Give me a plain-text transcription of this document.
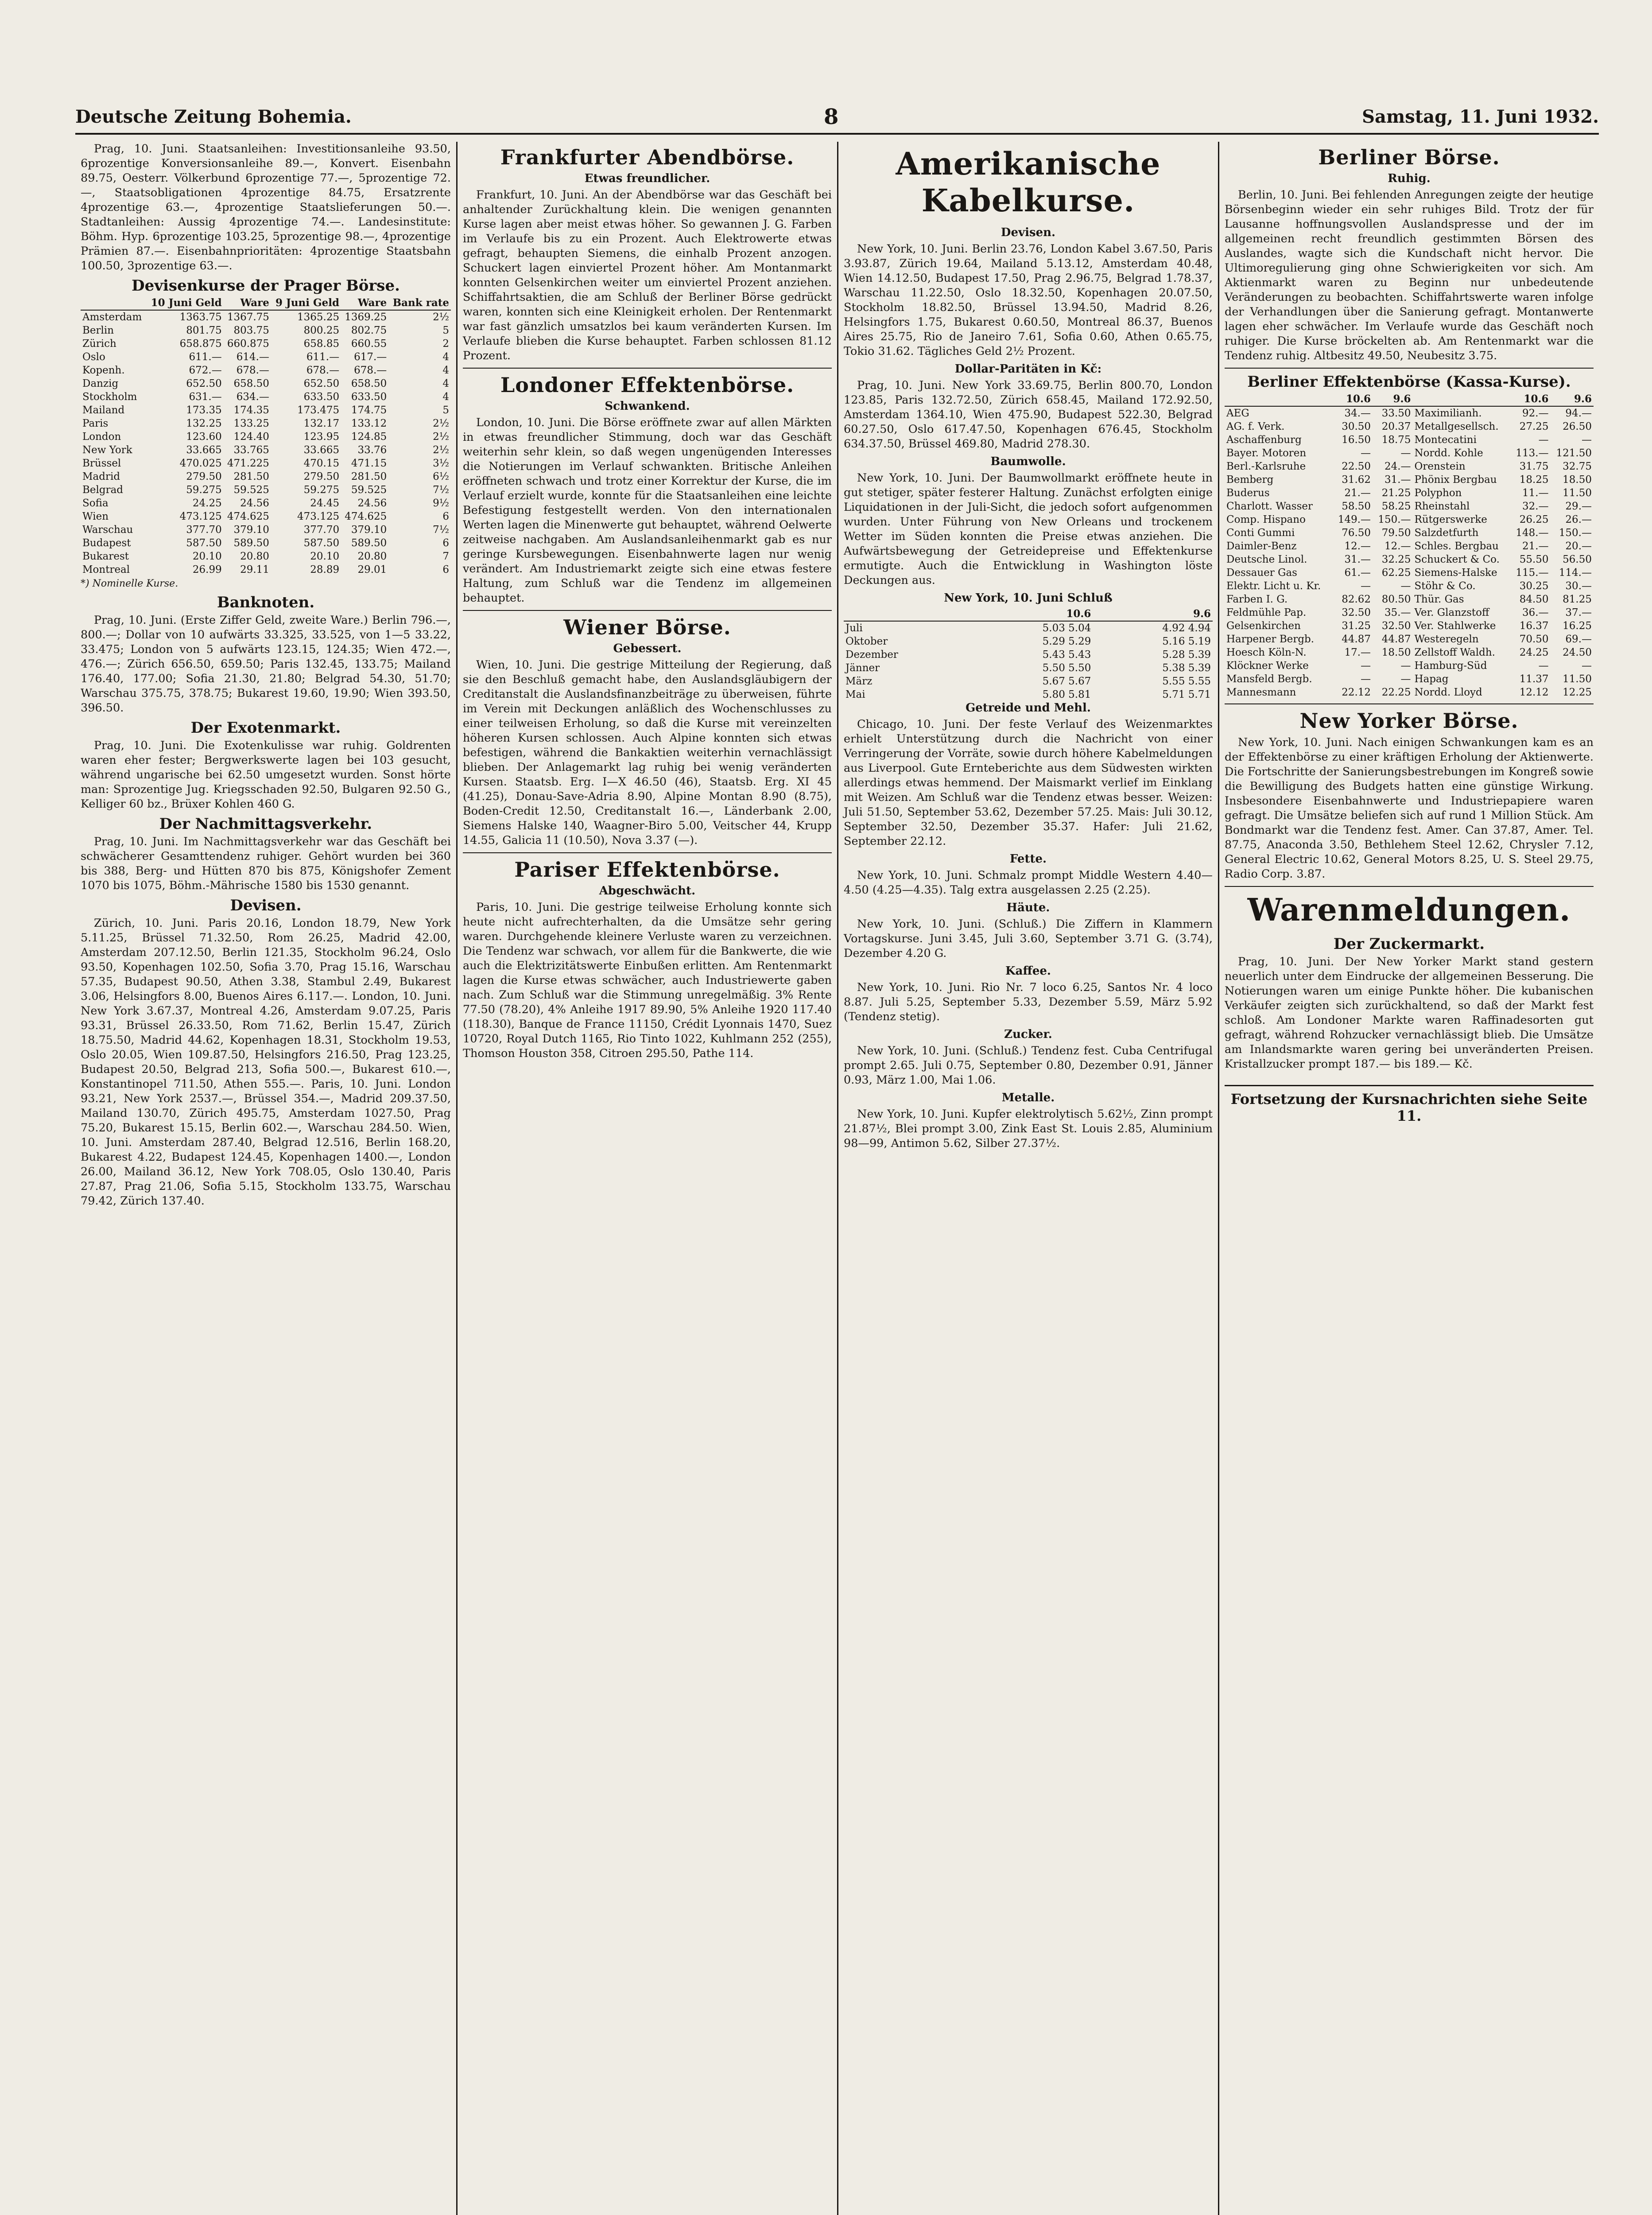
Deutsche Zeitung Bohemia.	8	Samstag, 11. Juni 1932.

Prag, 10. Juni. Staatsanleihen: Investitionsanleihe 93.50, 6prozentige Konversionsanleihe 89.—, Konvert. Eisenbahn 89.75, Oesterr. Völkerbund 6prozentige 77.—, 5prozentige 72.—, Staatsobligationen 4prozentige 84.75, Ersatzrente 4prozentige 63.—, 4prozentige Staatslieferungen 50.—. Stadtanleihen: Aussig 4prozentige 74.—. Landesinstitute: Böhm. Hyp. 6prozentige 103.25, 5prozentige 98.—, 4prozentige Prämien 87.—. Eisenbahnprioritäten: 4prozentige Staatsbahn 100.50, 3prozentige 63.—.

Devisenkurse der Prager Börse.
	10 Juni Geld	Ware	9 Juni Geld	Ware	Bank rate
Amsterdam	1363.75	1367.75	1365.25	1369.25	2½
Berlin	801.75	803.75	800.25	802.75	5
Zürich	658.875	660.875	658.85	660.55	2
Oslo	611.—	614.—	611.—	617.—	4
Kopenh.	672.—	678.—	678.—	678.—	4
Danzig	652.50	658.50	652.50	658.50	4
Stockholm	631.—	634.—	633.50	633.50	4
Mailand	173.35	174.35	173.475	174.75	5
Paris	132.25	133.25	132.17	133.12	2½
London	123.60	124.40	123.95	124.85	2½
New York	33.665	33.765	33.665	33.76	2½
Brüssel	470.025	471.225	470.15	471.15	3½
Madrid	279.50	281.50	279.50	281.50	6½
Belgrad	59.275	59.525	59.275	59.525	7½
Sofia	24.25	24.56	24.45	24.56	9½
Wien	473.125	474.625	473.125	474.625	6
Warschau	377.70	379.10	377.70	379.10	7½
Budapest	587.50	589.50	587.50	589.50	6
Bukarest	20.10	20.80	20.10	20.80	7
Montreal	26.99	29.11	28.89	29.01	6
*) Nominelle Kurse.
Banknoten.

Prag, 10. Juni. (Erste Ziffer Geld, zweite Ware.) Berlin 796.—, 800.—; Dollar von 10 aufwärts 33.325, 33.525, von 1—5 33.22, 33.475; London von 5 aufwärts 123.15, 124.35; Wien 472.—, 476.—; Zürich 656.50, 659.50; Paris 132.45, 133.75; Mailand 176.40, 177.00; Sofia 21.30, 21.80; Belgrad 54.30, 51.70; Warschau 375.75, 378.75; Bukarest 19.60, 19.90; Wien 393.50, 396.50.

Der Exotenmarkt.

Prag, 10. Juni. Die Exotenkulisse war ruhig. Goldrenten waren eher fester; Bergwerkswerte lagen bei 103 gesucht, während ungarische bei 62.50 umgesetzt wurden. Sonst hörte man: Sprozentige Jug. Kriegsschaden 92.50, Bulgaren 92.50 G., Kelliger 60 bz., Brüxer Kohlen 460 G.

Der Nachmittagsverkehr.

Prag, 10. Juni. Im Nachmittagsverkehr war das Geschäft bei schwächerer Gesamttendenz ruhiger. Gehört wurden bei 360 bis 388, Berg- und Hütten 870 bis 875, Königshofer Zement 1070 bis 1075, Böhm.-Mährische 1580 bis 1530 genannt.

Devisen.

Zürich, 10. Juni. Paris 20.16, London 18.79, New York 5.11.25, Brüssel 71.32.50, Rom 26.25, Madrid 42.00, Amsterdam 207.12.50, Berlin 121.35, Stockholm 96.24, Oslo 93.50, Kopenhagen 102.50, Sofia 3.70, Prag 15.16, Warschau 57.35, Budapest 90.50, Athen 3.38, Stambul 2.49, Bukarest 3.06, Helsingfors 8.00, Buenos Aires 6.117.—. London, 10. Juni. New York 3.67.37, Montreal 4.26, Amsterdam 9.07.25, Paris 93.31, Brüssel 26.33.50, Rom 71.62, Berlin 15.47, Zürich 18.75.50, Madrid 44.62, Kopenhagen 18.31, Stockholm 19.53, Oslo 20.05, Wien 109.87.50, Helsingfors 216.50, Prag 123.25, Budapest 20.50, Belgrad 213, Sofia 500.—, Bukarest 610.—, Konstantinopel 711.50, Athen 555.—. Paris, 10. Juni. London 93.21, New York 2537.—, Brüssel 354.—, Madrid 209.37.50, Mailand 130.70, Zürich 495.75, Amsterdam 1027.50, Prag 75.20, Bukarest 15.15, Berlin 602.—, Warschau 284.50. Wien, 10. Juni. Amsterdam 287.40, Belgrad 12.516, Berlin 168.20, Bukarest 4.22, Budapest 124.45, Kopenhagen 1400.—, London 26.00, Mailand 36.12, New York 708.05, Oslo 130.40, Paris 27.87, Prag 21.06, Sofia 5.15, Stockholm 133.75, Warschau 79.42, Zürich 137.40.

Frankfurter Abendbörse.
Etwas freundlicher.

Frankfurt, 10. Juni. An der Abendbörse war das Geschäft bei anhaltender Zurückhaltung klein. Die wenigen genannten Kurse lagen aber meist etwas höher. So gewannen J. G. Farben im Verlaufe bis zu ein Prozent. Auch Elektrowerte etwas gefragt, behaupten Siemens, die einhalb Prozent anzogen. Schuckert lagen einviertel Prozent höher. Am Montanmarkt konnten Gelsenkirchen weiter um einviertel Prozent anziehen. Schiffahrtsaktien, die am Schluß der Berliner Börse gedrückt waren, konnten sich eine Kleinigkeit erholen. Der Rentenmarkt war fast gänzlich umsatzlos bei kaum veränderten Kursen. Im Verlaufe blieben die Kurse behauptet. Farben schlossen 81.12 Prozent.

Londoner Effektenbörse.
Schwankend.

London, 10. Juni. Die Börse eröffnete zwar auf allen Märkten in etwas freundlicher Stimmung, doch war das Geschäft weiterhin sehr klein, so daß wegen ungenügenden Interesses die Notierungen im Verlauf schwankten. Britische Anleihen eröffneten schwach und trotz einer Korrektur der Kurse, die im Verlauf erzielt wurde, konnte für die Staatsanleihen eine leichte Befestigung festgestellt werden. Von den internationalen Werten lagen die Minenwerte gut behauptet, während Oelwerte zeitweise nachgaben. Am Auslandsanleihenmarkt gab es nur geringe Kursbewegungen. Eisenbahnwerte lagen nur wenig verändert. Am Industriemarkt zeigte sich eine etwas festere Haltung, zum Schluß war die Tendenz im allgemeinen behauptet.

Wiener Börse.
Gebessert.

Wien, 10. Juni. Die gestrige Mitteilung der Regierung, daß sie den Beschluß gemacht habe, den Auslandsgläubigern der Creditanstalt die Auslandsfinanzbeiträge zu überweisen, führte im Verein mit Deckungen anläßlich des Wochenschlusses zu einer teilweisen Erholung, so daß die Kurse mit vereinzelten höheren Kursen schlossen. Auch Alpine konnten sich etwas befestigen, während die Bankaktien weiterhin vernachlässigt blieben. Der Anlagemarkt lag ruhig bei wenig veränderten Kursen. Staatsb. Erg. I—X 46.50 (46), Staatsb. Erg. XI 45 (41.25), Donau-Save-Adria 8.90, Alpine Montan 8.90 (8.75), Boden-Credit 12.50, Creditanstalt 16.—, Länderbank 2.00, Siemens Halske 140, Waagner-Biro 5.00, Veitscher 44, Krupp 14.55, Galicia 11 (10.50), Nova 3.37 (—).

Pariser Effektenbörse.
Abgeschwächt.

Paris, 10. Juni. Die gestrige teilweise Erholung konnte sich heute nicht aufrechterhalten, da die Umsätze sehr gering waren. Durchgehende kleinere Verluste waren zu verzeichnen. Die Tendenz war schwach, vor allem für die Bankwerte, die wie auch die Elektrizitätswerte Einbußen erlitten. Am Rentenmarkt lagen die Kurse etwas schwächer, auch Industriewerte gaben nach. Zum Schluß war die Stimmung unregelmäßig. 3% Rente 77.50 (78.20), 4% Anleihe 1917 89.90, 5% Anleihe 1920 117.40 (118.30), Banque de France 11150, Crédit Lyonnais 1470, Suez 10720, Royal Dutch 1165, Rio Tinto 1022, Kuhlmann 252 (255), Thomson Houston 358, Citroen 295.50, Pathe 114.

Amerikanische Kabelkurse.
Devisen.

New York, 10. Juni. Berlin 23.76, London Kabel 3.67.50, Paris 3.93.87, Zürich 19.64, Mailand 5.13.12, Amsterdam 40.48, Wien 14.12.50, Budapest 17.50, Prag 2.96.75, Belgrad 1.78.37, Warschau 11.22.50, Oslo 18.32.50, Kopenhagen 20.07.50, Stockholm 18.82.50, Brüssel 13.94.50, Madrid 8.26, Helsingfors 1.75, Bukarest 0.60.50, Montreal 86.37, Buenos Aires 25.75, Rio de Janeiro 7.61, Sofia 0.60, Athen 0.65.75, Tokio 31.62. Tägliches Geld 2½ Prozent.

Dollar-Paritäten in Kč:

Prag, 10. Juni. New York 33.69.75, Berlin 800.70, London 123.85, Paris 132.72.50, Zürich 658.45, Mailand 172.92.50, Amsterdam 1364.10, Wien 475.90, Budapest 522.30, Belgrad 60.27.50, Oslo 617.47.50, Kopenhagen 676.45, Stockholm 634.37.50, Brüssel 469.80, Madrid 278.30.

Baumwolle.

New York, 10. Juni. Der Baumwollmarkt eröffnete heute in gut stetiger, später festerer Haltung. Zunächst erfolgten einige Liquidationen in der Juli-Sicht, die jedoch sofort aufgenommen wurden. Unter Führung von New Orleans und trockenem Wetter im Süden konnten die Preise etwas anziehen. Die Aufwärtsbewegung der Getreidepreise und Effektenkurse ermutigte. Auch die Entwicklung in Washington löste Deckungen aus.

New York, 10. Juni Schluß
	10.6	9.6
Juli	5.03 5.04	4.92 4.94
Oktober	5.29 5.29	5.16 5.19
Dezember	5.43 5.43	5.28 5.39
Jänner	5.50 5.50	5.38 5.39
März	5.67 5.67	5.55 5.55
Mai	5.80 5.81	5.71 5.71
Getreide und Mehl.

Chicago, 10. Juni. Der feste Verlauf des Weizenmarktes erhielt Unterstützung durch die Nachricht von einer Verringerung der Vorräte, sowie durch höhere Kabelmeldungen aus Liverpool. Gute Ernteberichte aus dem Südwesten wirkten allerdings etwas hemmend. Der Maismarkt verlief im Einklang mit Weizen. Am Schluß war die Tendenz etwas besser. Weizen: Juli 51.50, September 53.62, Dezember 57.25. Mais: Juli 30.12, September 32.50, Dezember 35.37. Hafer: Juli 21.62, September 22.12.

Fette.

New York, 10. Juni. Schmalz prompt Middle Western 4.40—4.50 (4.25—4.35). Talg extra ausgelassen 2.25 (2.25).

Häute.

New York, 10. Juni. (Schluß.) Die Ziffern in Klammern Vortagskurse. Juni 3.45, Juli 3.60, September 3.71 G. (3.74), Dezember 4.20 G.

Kaffee.

New York, 10. Juni. Rio Nr. 7 loco 6.25, Santos Nr. 4 loco 8.87. Juli 5.25, September 5.33, Dezember 5.59, März 5.92 (Tendenz stetig).

Zucker.

New York, 10. Juni. (Schluß.) Tendenz fest. Cuba Centrifugal prompt 2.65. Juli 0.75, September 0.80, Dezember 0.91, Jänner 0.93, März 1.00, Mai 1.06.

Metalle.

New York, 10. Juni. Kupfer elektrolytisch 5.62½, Zinn prompt 21.87½, Blei prompt 3.00, Zink East St. Louis 2.85, Aluminium 98—99, Antimon 5.62, Silber 27.37½.

Berliner Börse.
Ruhig.

Berlin, 10. Juni. Bei fehlenden Anregungen zeigte der heutige Börsenbeginn wieder ein sehr ruhiges Bild. Trotz der für Lausanne hoffnungsvollen Auslandspresse und der im allgemeinen recht freundlich gestimmten Börsen des Auslandes, wagte sich die Kundschaft nicht hervor. Die Ultimoregulierung ging ohne Schwierigkeiten vor sich. Am Aktienmarkt waren zu Beginn nur unbedeutende Veränderungen zu beobachten. Schiffahrtswerte waren infolge der Verhandlungen über die Sanierung gefragt. Montanwerte lagen eher schwächer. Im Verlaufe wurde das Geschäft noch ruhiger. Die Kurse bröckelten ab. Am Rentenmarkt war die Tendenz ruhig. Altbesitz 49.50, Neubesitz 3.75.

Berliner Effektenbörse (Kassa-Kurse).
	10.6	9.6		10.6	9.6
AEG	34.—	33.50	Maximilianh.	92.—	94.—
AG. f. Verk.	30.50	20.37	Metallgesellsch.	27.25	26.50
Aschaffenburg	16.50	18.75	Montecatini	—	—
Bayer. Motoren	—	—	Nordd. Kohle	113.—	121.50
Berl.-Karlsruhe	22.50	24.—	Orenstein	31.75	32.75
Bemberg	31.62	31.—	Phönix Bergbau	18.25	18.50
Buderus	21.—	21.25	Polyphon	11.—	11.50
Charlott. Wasser	58.50	58.25	Rheinstahl	32.—	29.—
Comp. Hispano	149.—	150.—	Rütgerswerke	26.25	26.—
Conti Gummi	76.50	79.50	Salzdetfurth	148.—	150.—
Daimler-Benz	12.—	12.—	Schles. Bergbau	21.—	20.—
Deutsche Linol.	31.—	32.25	Schuckert & Co.	55.50	56.50
Dessauer Gas	61.—	62.25	Siemens-Halske	115.—	114.—
Elektr. Licht u. Kr.	—	—	Stöhr & Co.	30.25	30.—
Farben I. G.	82.62	80.50	Thür. Gas	84.50	81.25
Feldmühle Pap.	32.50	35.—	Ver. Glanzstoff	36.—	37.—
Gelsenkirchen	31.25	32.50	Ver. Stahlwerke	16.37	16.25
Harpener Bergb.	44.87	44.87	Westeregeln	70.50	69.—
Hoesch Köln-N.	17.—	18.50	Zellstoff Waldh.	24.25	24.50
Klöckner Werke	—	—	Hamburg-Süd	—	—
Mansfeld Bergb.	—	—	Hapag	11.37	11.50
Mannesmann	22.12	22.25	Nordd. Lloyd	12.12	12.25
New Yorker Börse.

New York, 10. Juni. Nach einigen Schwankungen kam es an der Effektenbörse zu einer kräftigen Erholung der Aktienwerte. Die Fortschritte der Sanierungsbestrebungen im Kongreß sowie die Bewilligung des Budgets hatten eine günstige Wirkung. Insbesondere Eisenbahnwerte und Industriepapiere waren gefragt. Die Umsätze beliefen sich auf rund 1 Million Stück. Am Bondmarkt war die Tendenz fest. Amer. Can 37.87, Amer. Tel. 87.75, Anaconda 3.50, Bethlehem Steel 12.62, Chrysler 7.12, General Electric 10.62, General Motors 8.25, U. S. Steel 29.75, Radio Corp. 3.87.

Warenmeldungen.
Der Zuckermarkt.

Prag, 10. Juni. Der New Yorker Markt stand gestern neuerlich unter dem Eindrucke der allgemeinen Besserung. Die Notierungen waren um einige Punkte höher. Die kubanischen Verkäufer zeigten sich zurückhaltend, so daß der Markt fest schloß. Am Londoner Markte waren Raffinadesorten gut gefragt, während Rohzucker vernachlässigt blieb. Die Umsätze am Inlandsmarkte waren gering bei unveränderten Preisen. Kristallzucker prompt 187.— bis 189.— Kč.

Fortsetzung der Kursnachrichten siehe Seite 11.
